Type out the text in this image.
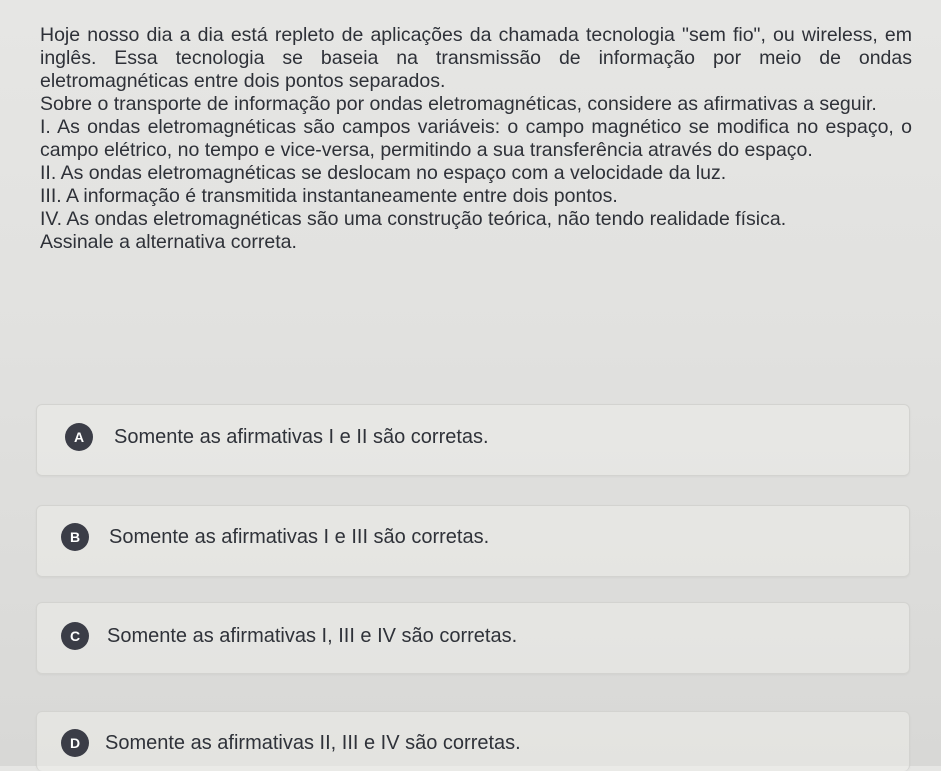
Hoje nosso dia a dia está repleto de aplicações da chamada tecnologia "sem fio", ou wireless, em inglês. Essa tecnologia se baseia na transmissão de informação por meio de ondas eletromagnéticas entre dois pontos separados.

Sobre o transporte de informação por ondas eletromagnéticas, considere as afirmativas a seguir.

I. As ondas eletromagnéticas são campos variáveis: o campo magnético se modifica no espaço, o campo elétrico, no tempo e vice-versa, permitindo a sua transferência através do espaço.

II. As ondas eletromagnéticas se deslocam no espaço com a velocidade da luz.

III. A informação é transmitida instantaneamente entre dois pontos.

IV. As ondas eletromagnéticas são uma construção teórica, não tendo realidade física.

Assinale a alternativa correta.

A	Somente as afirmativas I e II são corretas.
B	Somente as afirmativas I e III são corretas.
C	Somente as afirmativas I, III e IV são corretas.
D	Somente as afirmativas II, III e IV são corretas.
